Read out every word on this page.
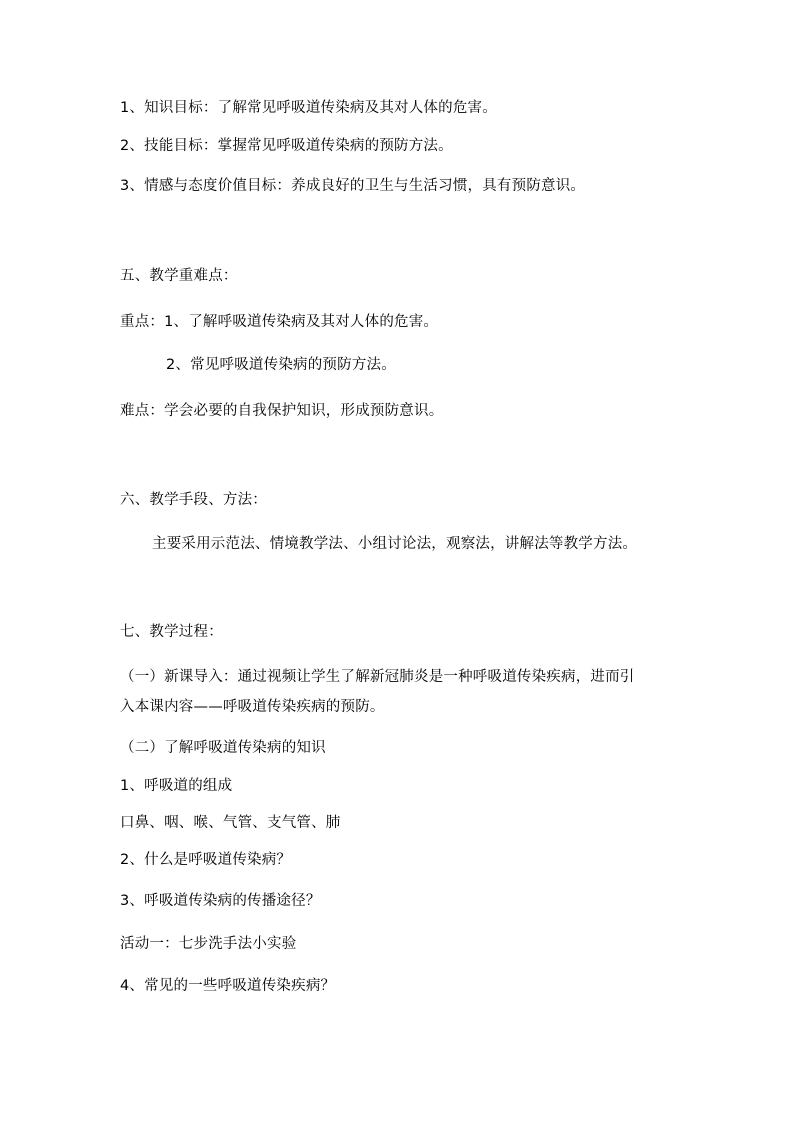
1、知识目标：了解常见呼吸道传染病及其对人体的危害。
2、技能目标：掌握常见呼吸道传染病的预防方法。
3、情感与态度价值目标：养成良好的卫生与生活习惯，具有预防意识。
五、教学重难点：
重点：1、了解呼吸道传染病及其对人体的危害。
2、常见呼吸道传染病的预防方法。
难点：学会必要的自我保护知识，形成预防意识。
六、教学手段、方法：
主要采用示范法、情境教学法、小组讨论法，观察法，讲解法等教学方法。
七、教学过程：
（一）新课导入：通过视频让学生了解新冠肺炎是一种呼吸道传染疾病，进而引
入本课内容——呼吸道传染疾病的预防。
（二）了解呼吸道传染病的知识
1、呼吸道的组成
口鼻、咽、喉、气管、支气管、肺
2、什么是呼吸道传染病？
3、呼吸道传染病的传播途径？
活动一：七步洗手法小实验
4、常见的一些呼吸道传染疾病？
